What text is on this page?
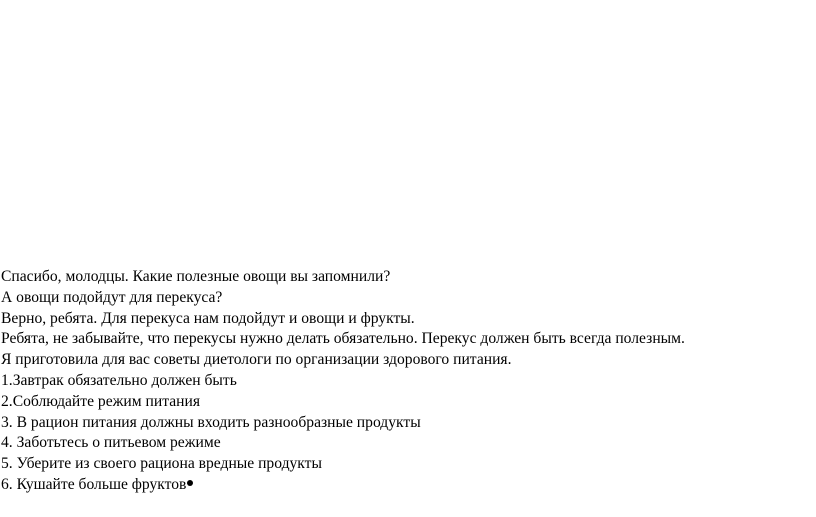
Спасибо, молодцы. Какие полезные овощи вы запомнили?
А овощи подойдут для перекуса?
Верно, ребята. Для перекуса нам подойдут и овощи и фрукты.
Ребята, не забывайте, что перекусы нужно делать обязательно. Перекус должен быть всегда полезным.
Я приготовила для вас советы диетологи по организации здорового питания.
1.Завтрак обязательно должен быть
2.Соблюдайте режим питания
3. В рацион питания должны входить разнообразные продукты
4. Заботьтесь о питьевом режиме
5. Уберите из своего рациона вредные продукты
6. Кушайте больше фруктов
